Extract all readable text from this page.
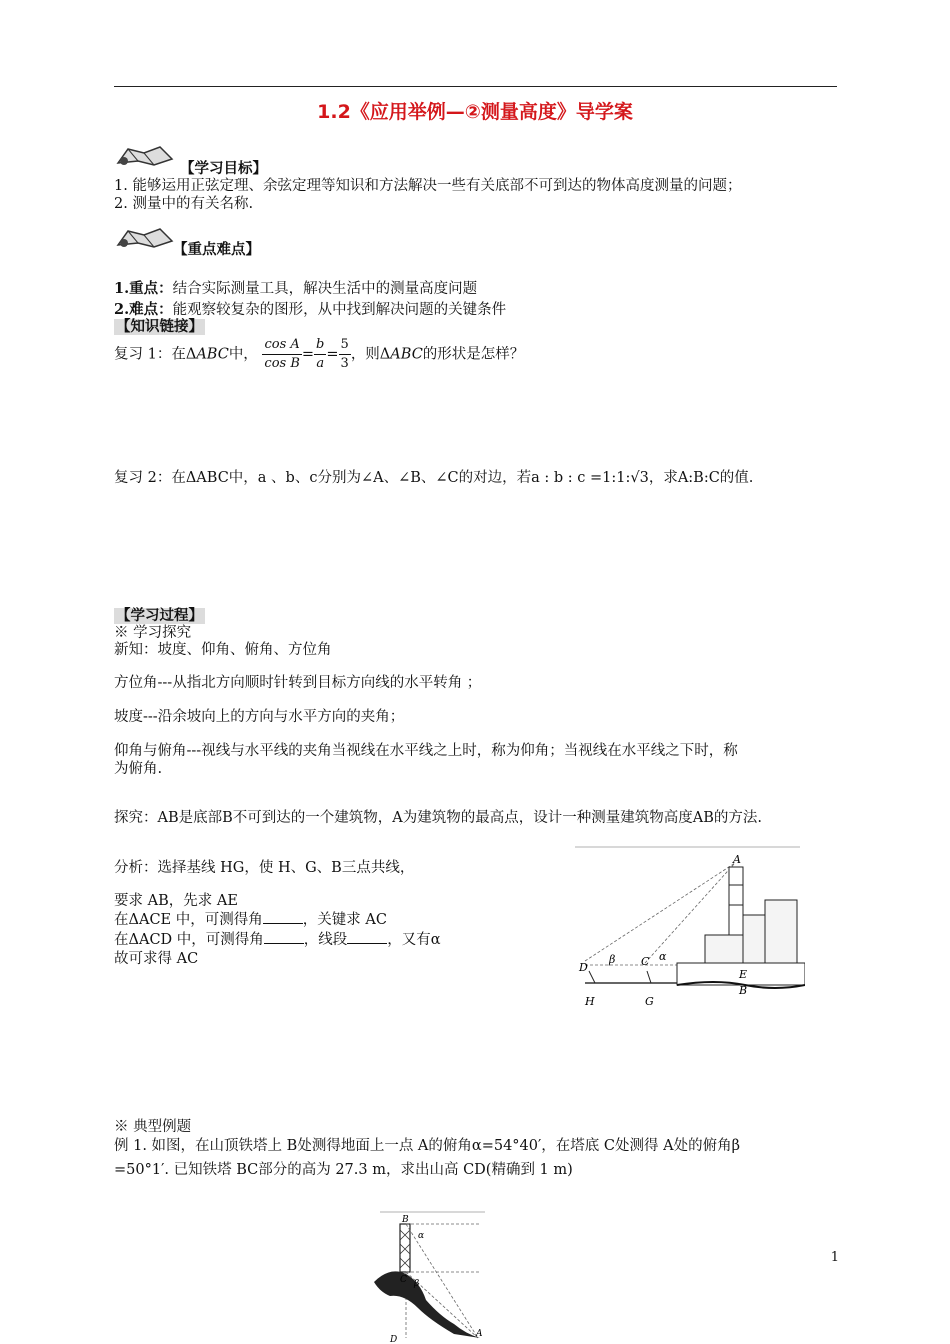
1.2《应用举例—②测量高度》导学案
【学习目标】
1. 能够运用正弦定理、余弦定理等知识和方法解决一些有关底部不可到达的物体高度测量的问题；
2. 测量中的有关名称.
【重点难点】
1.重点：结合实际测量工具，解决生活中的测量高度问题
2.难点：能观察较复杂的图形，从中找到解决问题的关键条件
【知识链接】
复习 1：在ΔABC中， $\frac{\text{cos A}}{\text{cos B}} = \frac{b}{a} = \frac{5}{3}$ ，则ΔABC的形状是怎样？
复习 2：在ΔABC中，a 、b、c分别为∠A、∠B、∠C的对边，若a : b : c =1:1:√3，求A:B:C的值.
【学习过程】
※ 学习探究
新知：坡度、仰角、俯角、方位角
方位角---从指北方向顺时针转到目标方向线的水平转角 ；
坡度---沿余坡向上的方向与水平方向的夹角；
仰角与俯角---视线与水平线的夹角当视线在水平线之上时，称为仰角；当视线在水平线之下时，称
为俯角.
探究：AB是底部B不可到达的一个建筑物，A为建筑物的最高点，设计一种测量建筑物高度AB的方法.
分析：选择基线 HG，使 H、G、B三点共线，
要求 AB，先求 AE
在ΔACE 中，可测得角	，关键求 AC
在ΔACD 中，可测得角	，线段	，又有α
故可求得 AC
A
D	C α
β
E
B
H	G
※ 典型例题
例 1. 如图，在山顶铁塔上 B处测得地面上一点 A的俯角α=54°40′，在塔底 C处测得 A处的俯角β
=50°1′. 已知铁塔 BC部分的高为 27.3 m，求出山高 CD(精确到 1 m)
B
α
C β
D
A
1
